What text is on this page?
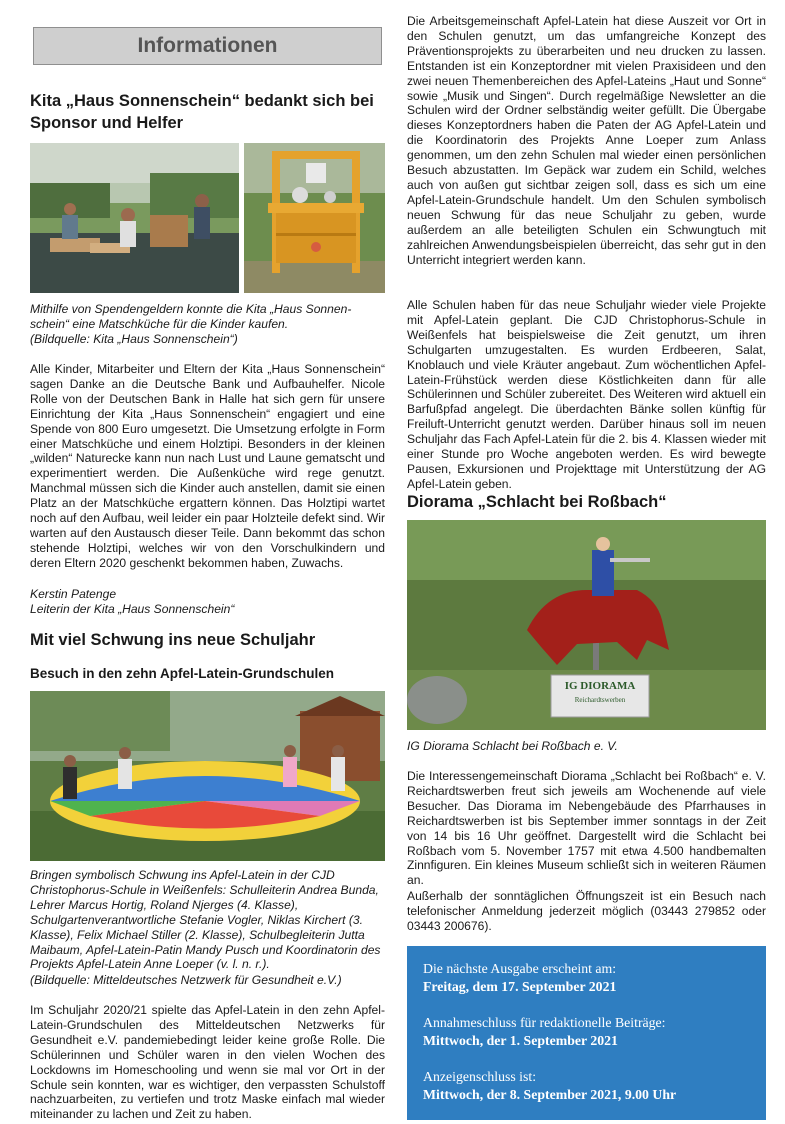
Informationen
Kita „Haus Sonnenschein“ bedankt sich bei Sponsor und Helfer

Mithilfe von Spendengeldern konnte die Kita „Haus Sonnen-schein“ eine Matschküche für die Kinder kaufen.

(Bildquelle: Kita „Haus Sonnenschein“)

Alle Kinder, Mitarbeiter und Eltern der Kita „Haus Sonnenschein“ sagen Danke an die Deutsche Bank und Aufbauhelfer. Nicole Rolle von der Deutschen Bank in Halle hat sich gern für unsere Einrichtung der Kita „Haus Sonnenschein“ engagiert und eine Spende von 800 Euro umgesetzt. Die Umsetzung erfolgte in Form einer Matschküche und einem Holztipi. Besonders in der kleinen „wilden“ Naturecke kann nun nach Lust und Laune gematscht und experimentiert werden. Die Außenküche wird rege genutzt. Manchmal müssen sich die Kinder auch anstellen, damit sie einen Platz an der Matschküche ergattern können. Das Holztipi wartet noch auf den Aufbau, weil leider ein paar Holzteile defekt sind. Wir warten auf den Austausch dieser Teile. Dann bekommt das schon stehende Holztipi, welches wir von den Vorschulkindern und deren Eltern 2020 geschenkt bekommen haben, Zuwachs.

Kerstin Patenge

Leiterin der Kita „Haus Sonnenschein“

Mit viel Schwung ins neue Schuljahr
Besuch in den zehn Apfel-Latein-Grundschulen

Bringen symbolisch Schwung ins Apfel-Latein in der CJD Christophorus-Schule in Weißenfels: Schulleiterin Andrea Bunda, Lehrer Marcus Hortig, Roland Njerges (4. Klasse), Schulgartenverantwortliche Stefanie Vogler, Niklas Kirchert (3. Klasse), Felix Michael Stiller (2. Klasse), Schulbegleiterin Jutta Maibaum, Apfel-Latein-Patin Mandy Pusch und Koordinatorin des Projekts Apfel-Latein Anne Loeper (v. l. n. r.).

(Bildquelle: Mitteldeutsches Netzwerk für Gesundheit e.V.)

Im Schuljahr 2020/21 spielte das Apfel-Latein in den zehn Apfel-Latein-Grundschulen des Mitteldeutschen Netzwerks für Gesundheit e.V. pandemiebedingt leider keine große Rolle. Die Schülerinnen und Schüler waren in den vielen Wochen des Lockdowns im Homeschooling und wenn sie mal vor Ort in der Schule sein konnten, war es wichtiger, den verpassten Schulstoff nachzuarbeiten, zu vertiefen und trotz Maske einfach mal wieder miteinander zu lachen und Zeit zu haben.

Die Arbeitsgemeinschaft Apfel-Latein hat diese Auszeit vor Ort in den Schulen genutzt, um das umfangreiche Konzept des Präventionsprojekts zu überarbeiten und neu drucken zu lassen. Entstanden ist ein Konzeptordner mit vielen Praxisideen und den zwei neuen Themenbereichen des Apfel-Lateins „Haut und Sonne“ sowie „Musik und Singen“. Durch regelmäßige Newsletter an die Schulen wird der Ordner selbständig weiter gefüllt. Die Übergabe dieses Konzeptordners haben die Paten der AG Apfel-Latein und die Koordinatorin des Projekts Anne Loeper zum Anlass genommen, um den zehn Schulen mal wieder einen persönlichen Besuch abzustatten. Im Gepäck war zudem ein Schild, welches auch von außen gut sichtbar zeigen soll, dass es sich um eine Apfel-Latein-Grundschule handelt. Um den Schulen symbolisch neuen Schwung für das neue Schuljahr zu geben, wurde außerdem an alle beteiligten Schulen ein Schwungtuch mit zahlreichen Anwendungsbeispielen überreicht, das sehr gut in den Unterricht integriert werden kann.

Alle Schulen haben für das neue Schuljahr wieder viele Projekte mit Apfel-Latein geplant. Die CJD Christophorus-Schule in Weißenfels hat beispielsweise die Zeit genutzt, um ihren Schulgarten umzugestalten. Es wurden Erdbeeren, Salat, Knoblauch und viele Kräuter angebaut. Zum wöchentlichen Apfel-Latein-Frühstück werden diese Köstlichkeiten dann für alle Schülerinnen und Schüler zubereitet. Des Weiteren wird aktuell ein Barfußpfad angelegt. Die überdachten Bänke sollen künftig für Freiluft-Unterricht genutzt werden. Darüber hinaus soll im neuen Schuljahr das Fach Apfel-Latein für die 2. bis 4. Klassen wieder mit einer Stunde pro Woche angeboten werden. Es wird bewegte Pausen, Exkursionen und Projekttage mit Unterstützung der AG Apfel-Latein geben.

Diorama „Schlacht bei Roßbach“
IG DIORAMA
Reichardtswerben

IG Diorama Schlacht bei Roßbach e. V.

Die Interessengemeinschaft Diorama „Schlacht bei Roßbach“ e. V. Reichardtswerben freut sich jeweils am Wochenende auf viele Besucher. Das Diorama im Nebengebäude des Pfarrhauses in Reichardtswerben ist bis September immer sonntags in der Zeit von 14 bis 16 Uhr geöffnet. Dargestellt wird die Schlacht bei Roßbach vom 5. November 1757 mit etwa 4.500 handbemalten Zinnfiguren. Ein kleines Museum schließt sich in weiteren Räumen an.

Außerhalb der sonntäglichen Öffnungszeit ist ein Besuch nach telefonischer Anmeldung jederzeit möglich (03443 279852 oder 03443 200676).

Die nächste Ausgabe erscheint am:
Freitag, dem 17. September 2021
Annahmeschluss für redaktionelle Beiträge:
Mittwoch, der 1. September 2021
Anzeigenschluss ist:
Mittwoch, der 8. September 2021, 9.00 Uhr
